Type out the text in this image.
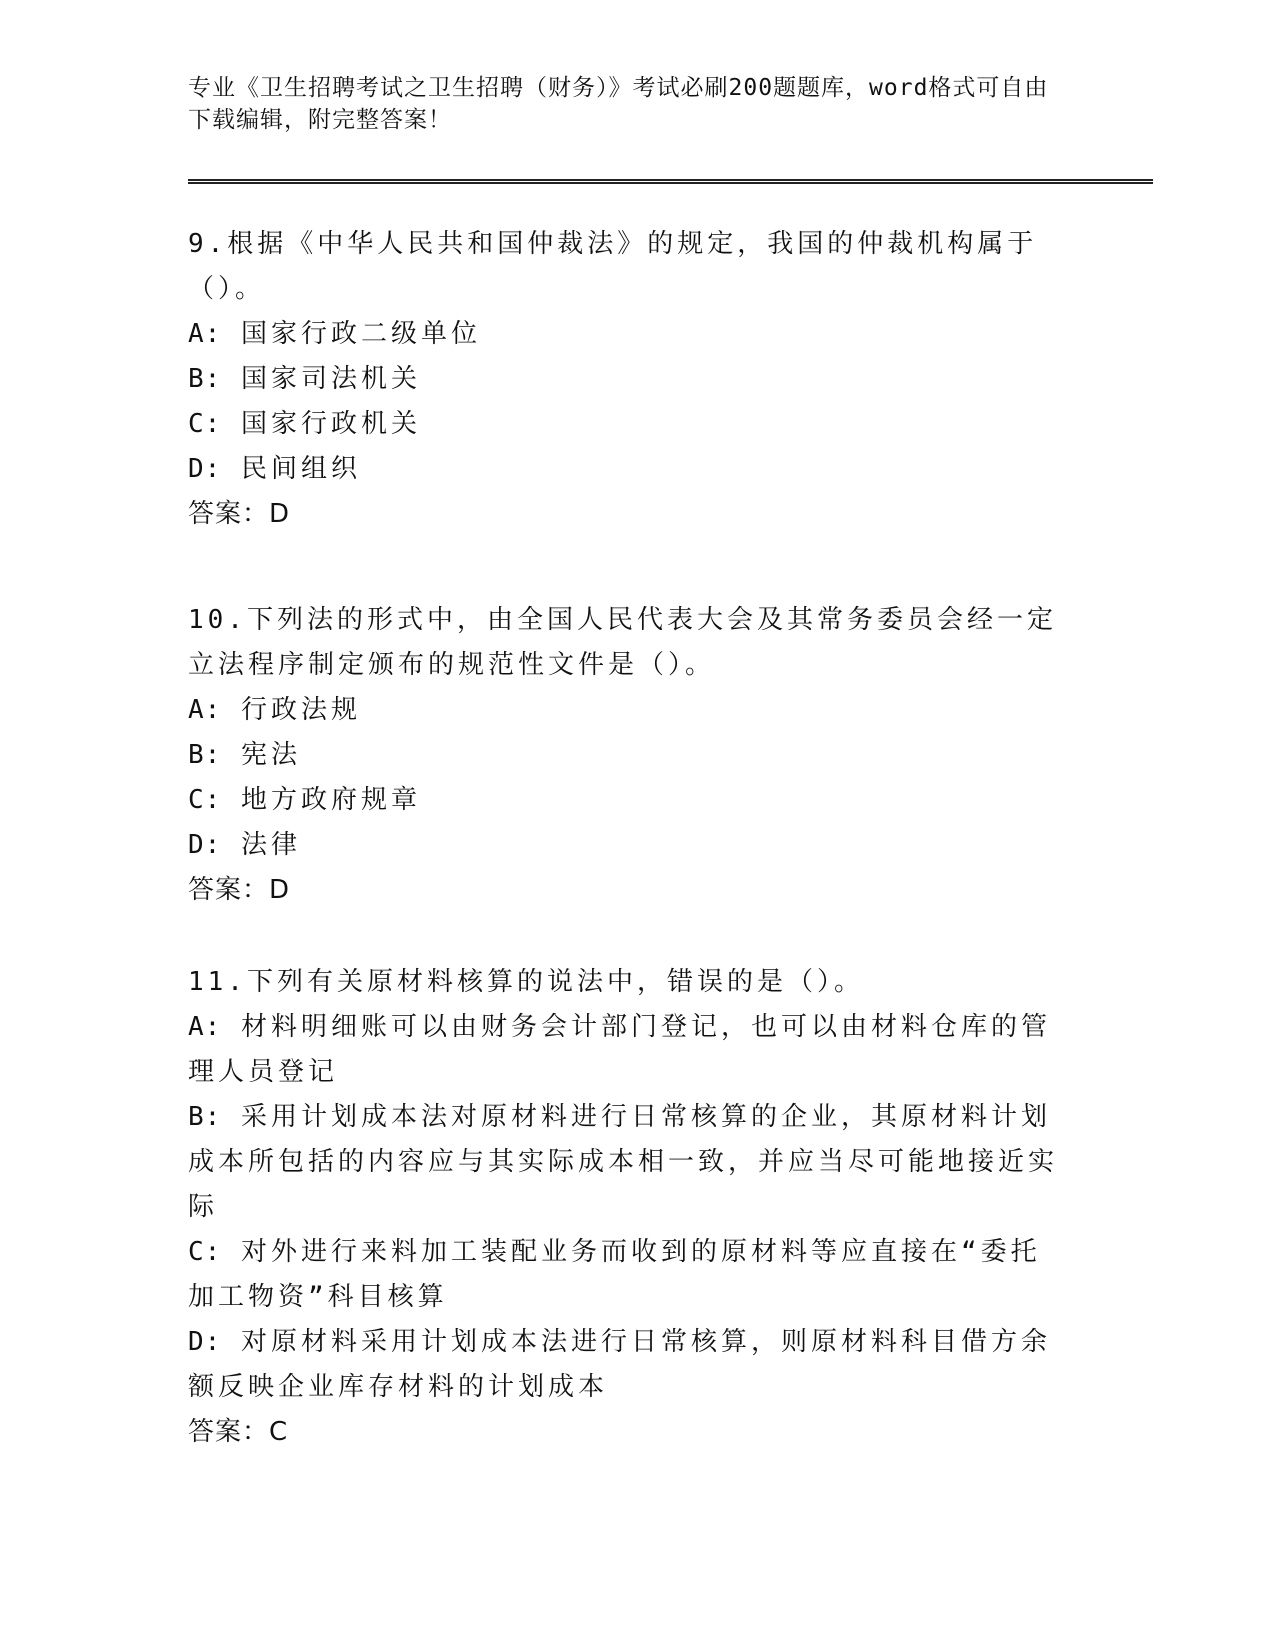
专业《卫生招聘考试之卫生招聘（财务）》考试必刷200题题库，word格式可自由下载编辑，附完整答案！
9.根据《中华人民共和国仲裁法》的规定，我国的仲裁机构属于（）。
A: 国家行政二级单位
B: 国家司法机关
C: 国家行政机关
D: 民间组织
答案：D
10.下列法的形式中，由全国人民代表大会及其常务委员会经一定立法程序制定颁布的规范性文件是（）。
A: 行政法规
B: 宪法
C: 地方政府规章
D: 法律
答案：D
11.下列有关原材料核算的说法中，错误的是（）。
A: 材料明细账可以由财务会计部门登记，也可以由材料仓库的管理人员登记
B: 采用计划成本法对原材料进行日常核算的企业，其原材料计划成本所包括的内容应与其实际成本相一致，并应当尽可能地接近实际
C: 对外进行来料加工装配业务而收到的原材料等应直接在“委托加工物资”科目核算
D: 对原材料采用计划成本法进行日常核算，则原材料科目借方余额反映企业库存材料的计划成本
答案：C
